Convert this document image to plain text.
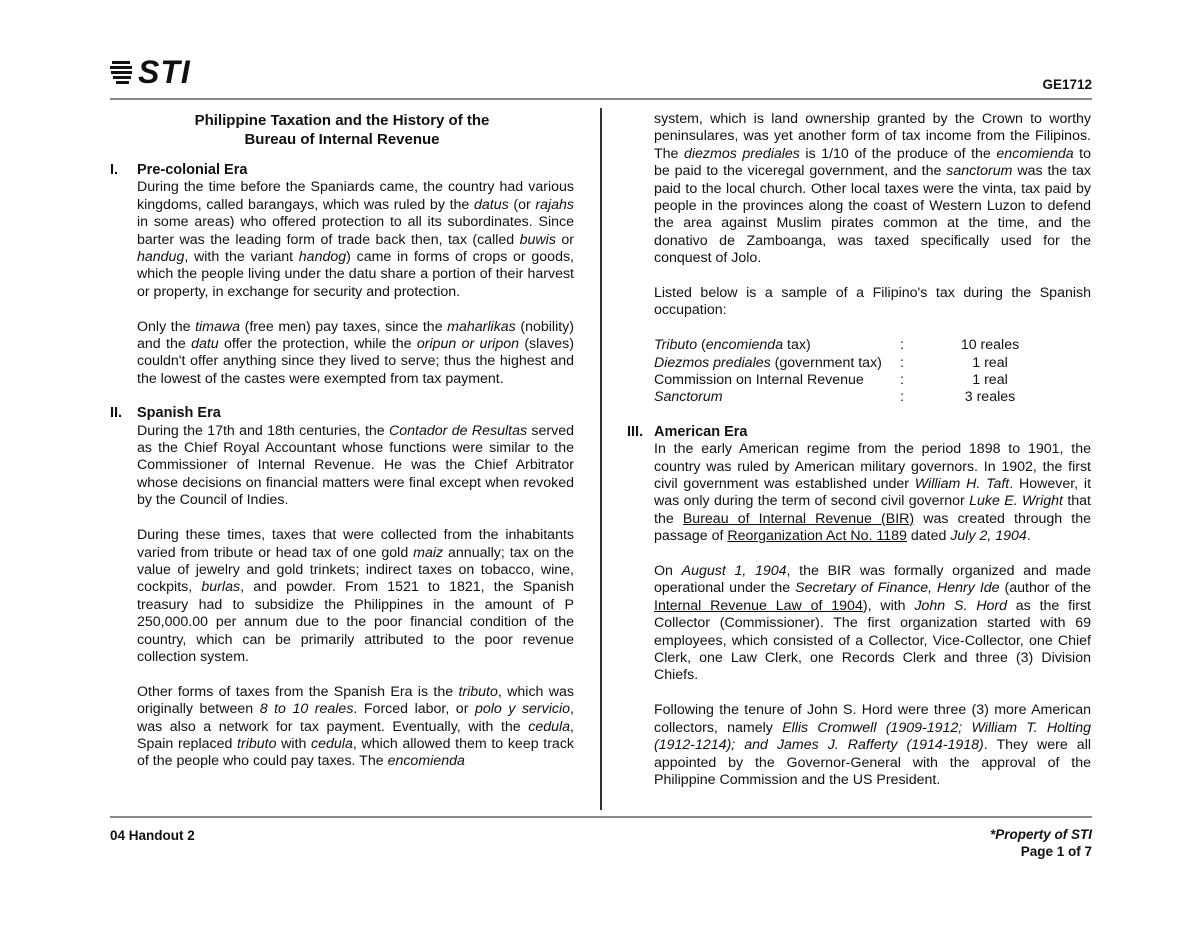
STI	GE1712
Philippine Taxation and the History of the
Bureau of Internal Revenue
I.	Pre-colonial Era

During the time before the Spaniards came, the country had various kingdoms, called barangays, which was ruled by the datus (or rajahs in some areas) who offered protection to all its subordinates. Since barter was the leading form of trade back then, tax (called buwis or handug, with the variant handog) came in forms of crops or goods, which the people living under the datu share a portion of their harvest or property, in exchange for security and protection.

Only the timawa (free men) pay taxes, since the maharlikas (nobility) and the datu offer the protection, while the oripun or uripon (slaves) couldn't offer anything since they lived to serve; thus the highest and the lowest of the castes were exempted from tax payment.

II.	Spanish Era

During the 17th and 18th centuries, the Contador de Resultas served as the Chief Royal Accountant whose functions were similar to the Commissioner of Internal Revenue. He was the Chief Arbitrator whose decisions on financial matters were final except when revoked by the Council of Indies.

During these times, taxes that were collected from the inhabitants varied from tribute or head tax of one gold maiz annually; tax on the value of jewelry and gold trinkets; indirect taxes on tobacco, wine, cockpits, burlas, and powder. From 1521 to 1821, the Spanish treasury had to subsidize the Philippines in the amount of P 250,000.00 per annum due to the poor financial condition of the country, which can be primarily attributed to the poor revenue collection system.

Other forms of taxes from the Spanish Era is the tributo, which was originally between 8 to 10 reales. Forced labor, or polo y servicio, was also a network for tax payment. Eventually, with the cedula, Spain replaced tributo with cedula, which allowed them to keep track of the people who could pay taxes. The encomienda

system, which is land ownership granted by the Crown to worthy peninsulares, was yet another form of tax income from the Filipinos. The diezmos prediales is 1/10 of the produce of the encomienda to be paid to the viceregal government, and the sanctorum was the tax paid to the local church. Other local taxes were the vinta, tax paid by people in the provinces along the coast of Western Luzon to defend the area against Muslim pirates common at the time, and the donativo de Zamboanga, was taxed specifically used for the conquest of Jolo.

Listed below is a sample of a Filipino's tax during the Spanish occupation:

Tributo (encomienda tax)	:	10 reales
Diezmos prediales (government tax)	:	1 real
Commission on Internal Revenue	:	1 real
Sanctorum	:	3 reales
III. American Era

In the early American regime from the period 1898 to 1901, the country was ruled by American military governors. In 1902, the first civil government was established under William H. Taft. However, it was only during the term of second civil governor Luke E. Wright that the Bureau of Internal Revenue (BIR) was created through the passage of Reorganization Act No. 1189 dated July 2, 1904.

On August 1, 1904, the BIR was formally organized and made operational under the Secretary of Finance, Henry Ide (author of the Internal Revenue Law of 1904), with John S. Hord as the first Collector (Commissioner). The first organization started with 69 employees, which consisted of a Collector, Vice-Collector, one Chief Clerk, one Law Clerk, one Records Clerk and three (3) Division Chiefs.

Following the tenure of John S. Hord were three (3) more American collectors, namely Ellis Cromwell (1909-1912; William T. Holting (1912-1214); and James J. Rafferty (1914-1918). They were all appointed by the Governor-General with the approval of the Philippine Commission and the US President.

04 Handout 2	*Property of STI
Page 1 of 7
